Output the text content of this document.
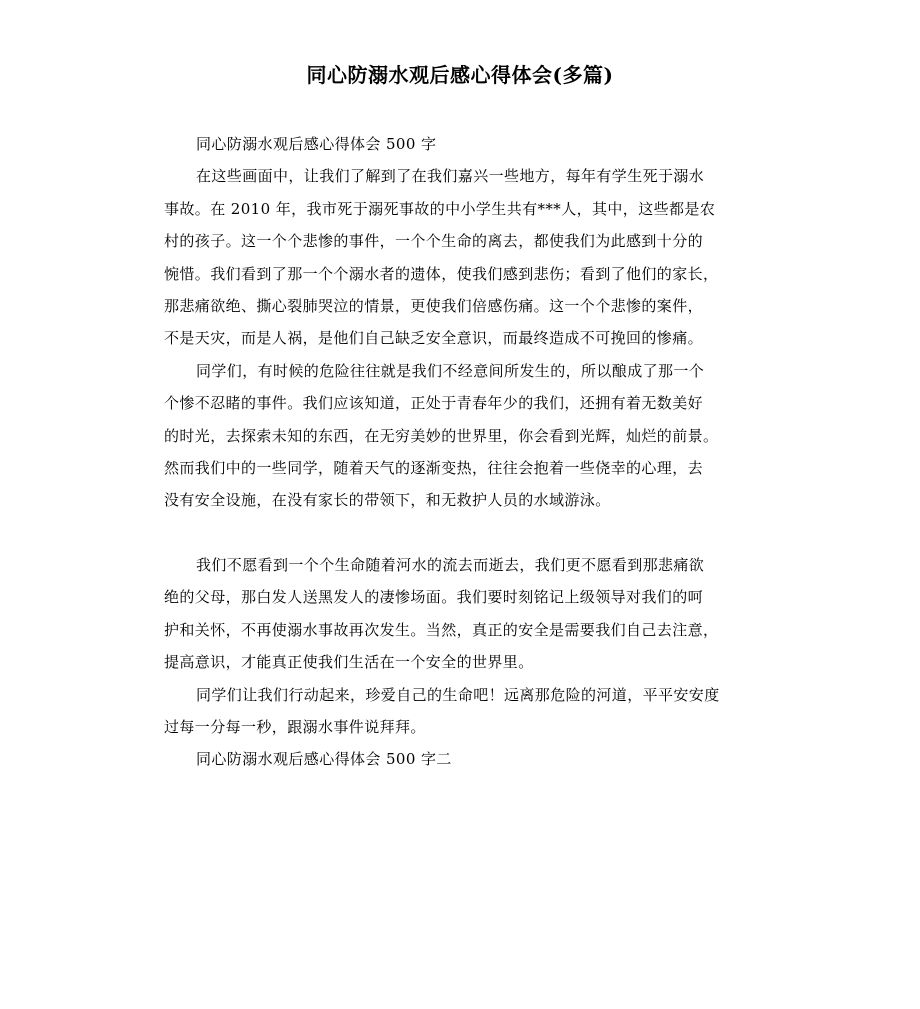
同心防溺水观后感心得体会(多篇)
同心防溺水观后感心得体会 500 字
在这些画面中，让我们了解到了在我们嘉兴一些地方，每年有学生死于溺水
事故。在 2010 年，我市死于溺死事故的中小学生共有***人，其中，这些都是农
村的孩子。这一个个悲惨的事件，一个个生命的离去，都使我们为此感到十分的
惋惜。我们看到了那一个个溺水者的遗体，使我们感到悲伤；看到了他们的家长，
那悲痛欲绝、撕心裂肺哭泣的情景，更使我们倍感伤痛。这一个个悲惨的案件，
不是天灾，而是人祸，是他们自己缺乏安全意识，而最终造成不可挽回的惨痛。
同学们，有时候的危险往往就是我们不经意间所发生的，所以酿成了那一个
个惨不忍睹的事件。我们应该知道，正处于青春年少的我们，还拥有着无数美好
的时光，去探索未知的东西，在无穷美妙的世界里，你会看到光辉，灿烂的前景。
然而我们中的一些同学，随着天气的逐渐变热，往往会抱着一些侥幸的心理，去
没有安全设施，在没有家长的带领下，和无救护人员的水域游泳。
我们不愿看到一个个生命随着河水的流去而逝去，我们更不愿看到那悲痛欲
绝的父母，那白发人送黑发人的凄惨场面。我们要时刻铭记上级领导对我们的呵
护和关怀，不再使溺水事故再次发生。当然，真正的安全是需要我们自己去注意，
提高意识，才能真正使我们生活在一个安全的世界里。
同学们让我们行动起来，珍爱自己的生命吧！远离那危险的河道，平平安安度
过每一分每一秒，跟溺水事件说拜拜。
同心防溺水观后感心得体会 500 字二
